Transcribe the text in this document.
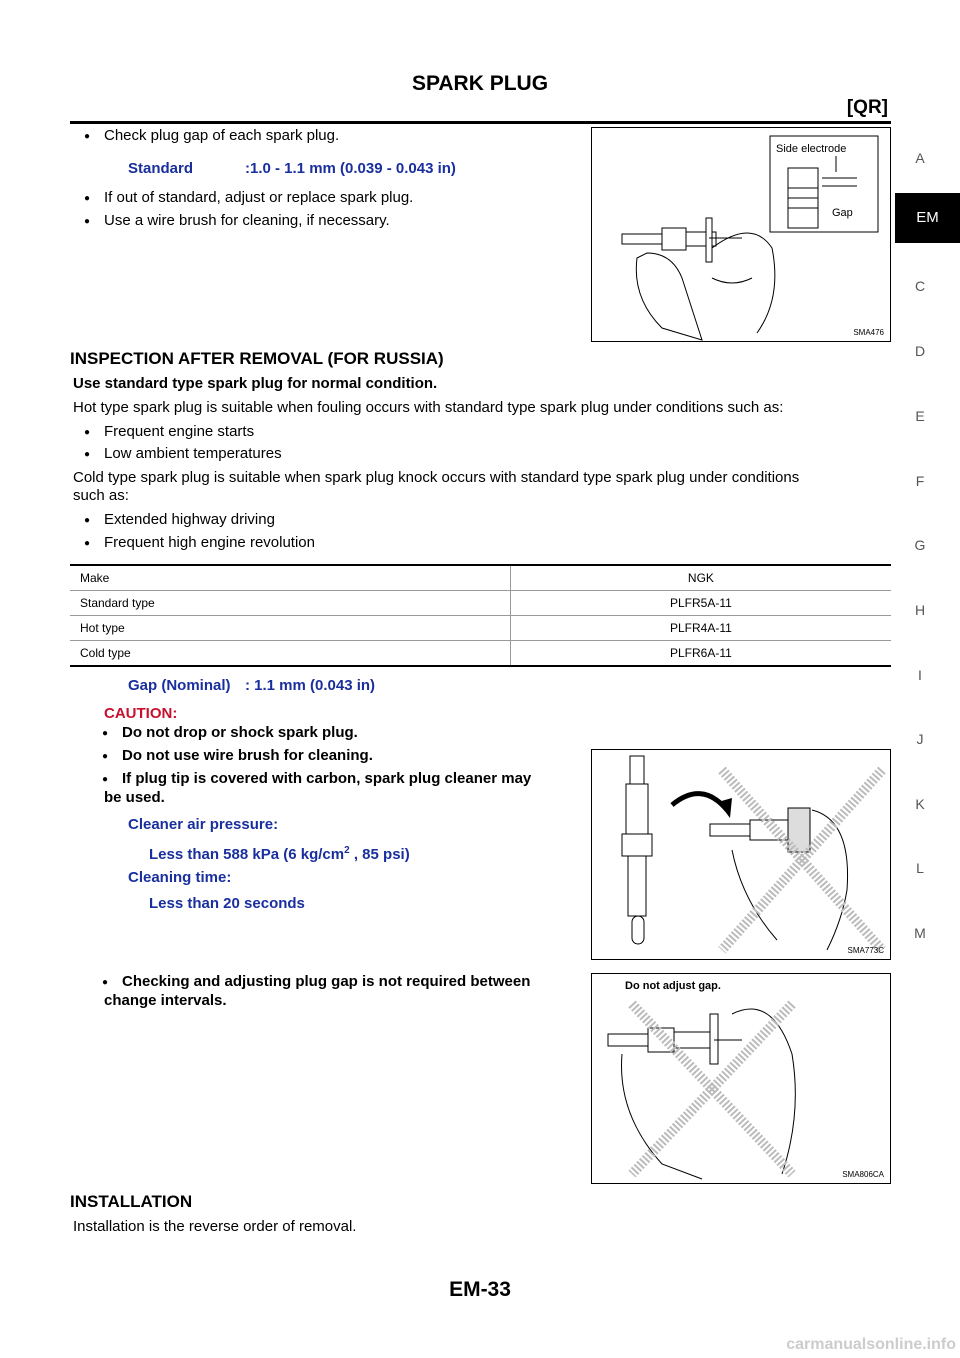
SPARK PLUG
[QR]
A
EM
C
D
E
F
G
H
I
J
K
L
M
● Check plug gap of each spark plug.
Standard	:1.0 - 1.1 mm (0.039 - 0.043 in)
● If out of standard, adjust or replace spark plug.
● Use a wire brush for cleaning, if necessary.
Side electrode
Gap
SMA476
INSPECTION AFTER REMOVAL (FOR RUSSIA)
Use standard type spark plug for normal condition.
Hot type spark plug is suitable when fouling occurs with standard type spark plug under conditions such as:
● Frequent engine starts
● Low ambient temperatures
Cold type spark plug is suitable when spark plug knock occurs with standard type spark plug under conditions
such as:
● Extended highway driving
● Frequent high engine revolution
Make	NGK
Standard type	PLFR5A-11
Hot type	PLFR4A-11
Cold type	PLFR6A-11
Gap (Nominal) : 1.1 mm (0.043 in)
CAUTION:
● Do not drop or shock spark plug.
● Do not use wire brush for cleaning.
● If plug tip is covered with carbon, spark plug cleaner may
be used.
Cleaner air pressure:
Less than 588 kPa (6 $kg/cm^2$ , 85 psi)
Cleaning time:
Less than 20 seconds
● Checking and adjusting plug gap is not required between
change intervals.
SMA773C
Do not adjust gap.
SMA806CA
INSTALLATION
Installation is the reverse order of removal.
EM-33
carmanualsonline.info
